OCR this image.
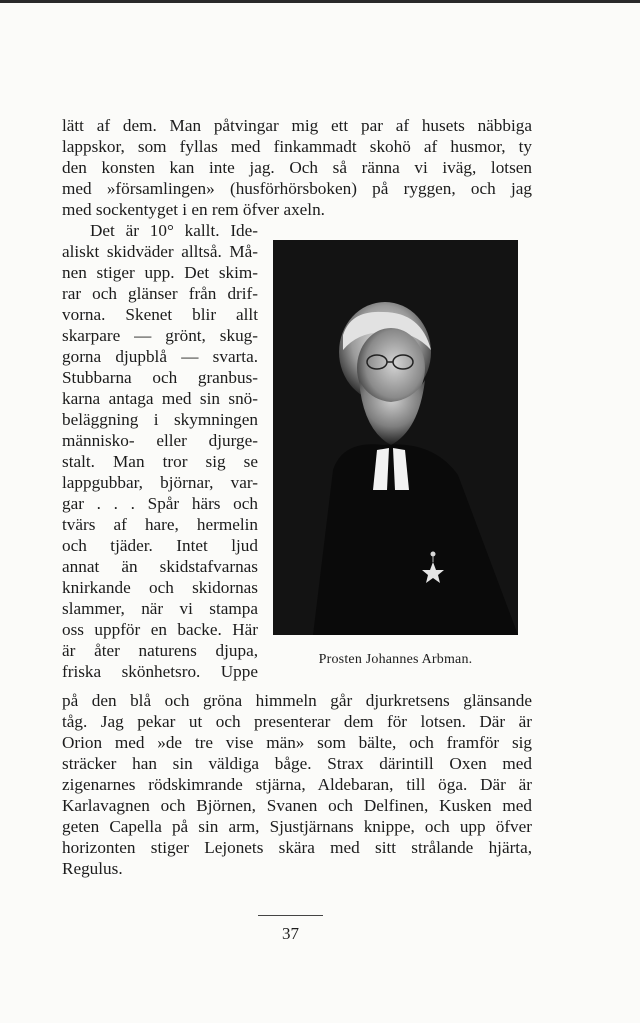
lätt af dem. Man påtvingar mig ett par af husets näbbiga
lappskor, som fyllas med finkammadt skohö af husmor, ty
den konsten kan inte jag. Och så ränna vi iväg, lotsen
med »församlingen» (husförhörsboken) på ryggen, och jag
med sockentyget i en rem öfver axeln.
Det är 10° kallt. Ide-
aliskt skidväder alltså. Må-
nen stiger upp. Det skim-
rar och glänser från drif-
vorna. Skenet blir allt
skarpare — grönt, skug-
gorna djupblå — svarta.
Stubbarna och granbus-
karna antaga med sin snö-
beläggning i skymningen
människo- eller djurge-
stalt. Man tror sig se
lappgubbar, björnar, var-
gar . . . Spår härs och
tvärs af hare, hermelin
och tjäder. Intet ljud
annat än skidstafvarnas
knirkande och skidornas
slammer, när vi stampa
oss uppför en backe. Här
är åter naturens djupa,
friska skönhetsro. Uppe
Prosten Johannes Arbman.
på den blå och gröna himmeln går djurkretsens glänsande
tåg. Jag pekar ut och presenterar dem för lotsen. Där är
Orion med »de tre vise män» som bälte, och framför sig
sträcker han sin väldiga båge. Strax därintill Oxen med
zigenarnes rödskimrande stjärna, Aldebaran, till öga. Där är
Karlavagnen och Björnen, Svanen och Delfinen, Kusken med
geten Capella på sin arm, Sjustjärnans knippe, och upp öfver
horizonten stiger Lejonets skära med sitt strålande hjärta,
Regulus.
37
